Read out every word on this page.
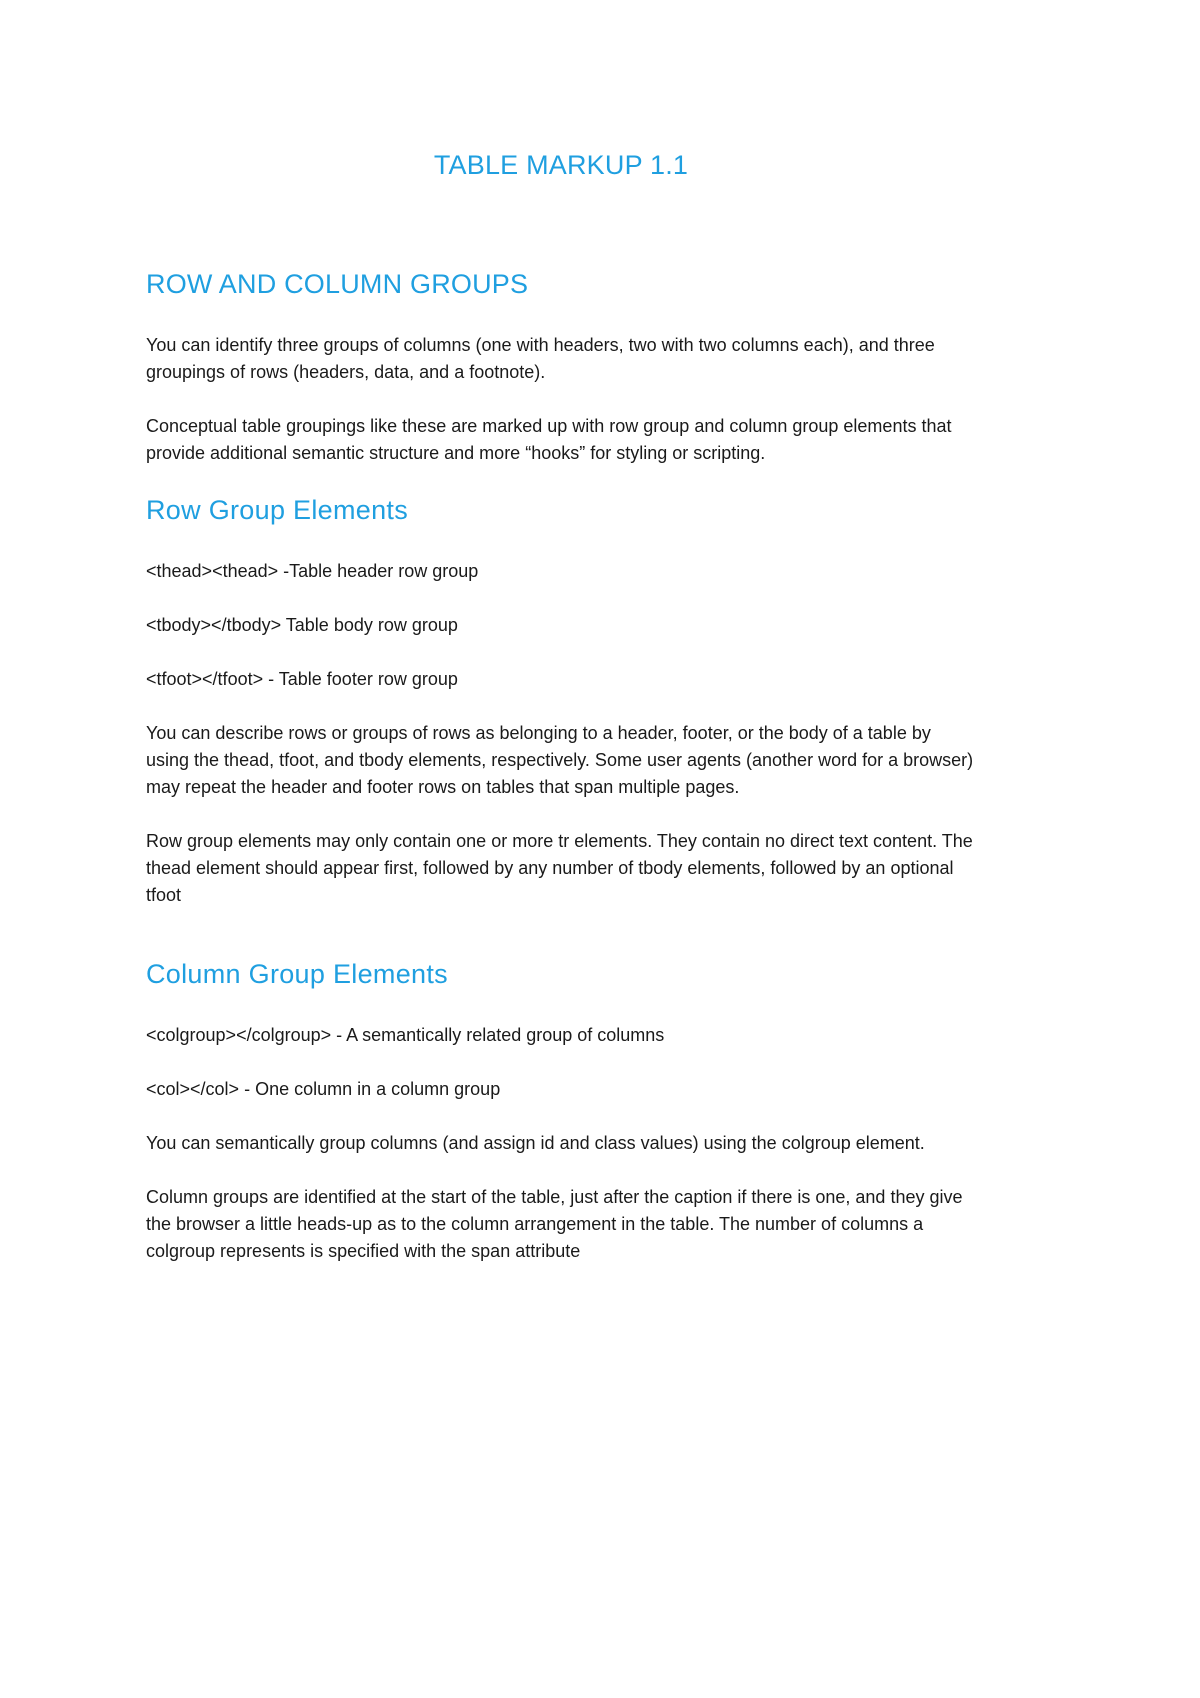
TABLE MARKUP 1.1
ROW AND COLUMN GROUPS

You can identify three groups of columns (one with headers, two with two columns each), and three groupings of rows (headers, data, and a footnote).

Conceptual table groupings like these are marked up with row group and column group elements that provide additional semantic structure and more “hooks” for styling or scripting.

Row Group Elements

<thead><thead> -Table header row group

<tbody></tbody> Table body row group

<tfoot></tfoot> - Table footer row group

You can describe rows or groups of rows as belonging to a header, footer, or the body of a table by using the thead, tfoot, and tbody elements, respectively. Some user agents (another word for a browser) may repeat the header and footer rows on tables that span multiple pages.

Row group elements may only contain one or more tr elements. They contain no direct text content. The thead element should appear first, followed by any number of tbody elements, followed by an optional tfoot

Column Group Elements

<colgroup></colgroup> - A semantically related group of columns

<col></col> - One column in a column group

You can semantically group columns (and assign id and class values) using the colgroup element.

Column groups are identified at the start of the table, just after the caption if there is one, and they give the browser a little heads-up as to the column arrangement in the table. The number of columns a colgroup represents is specified with the span attribute
